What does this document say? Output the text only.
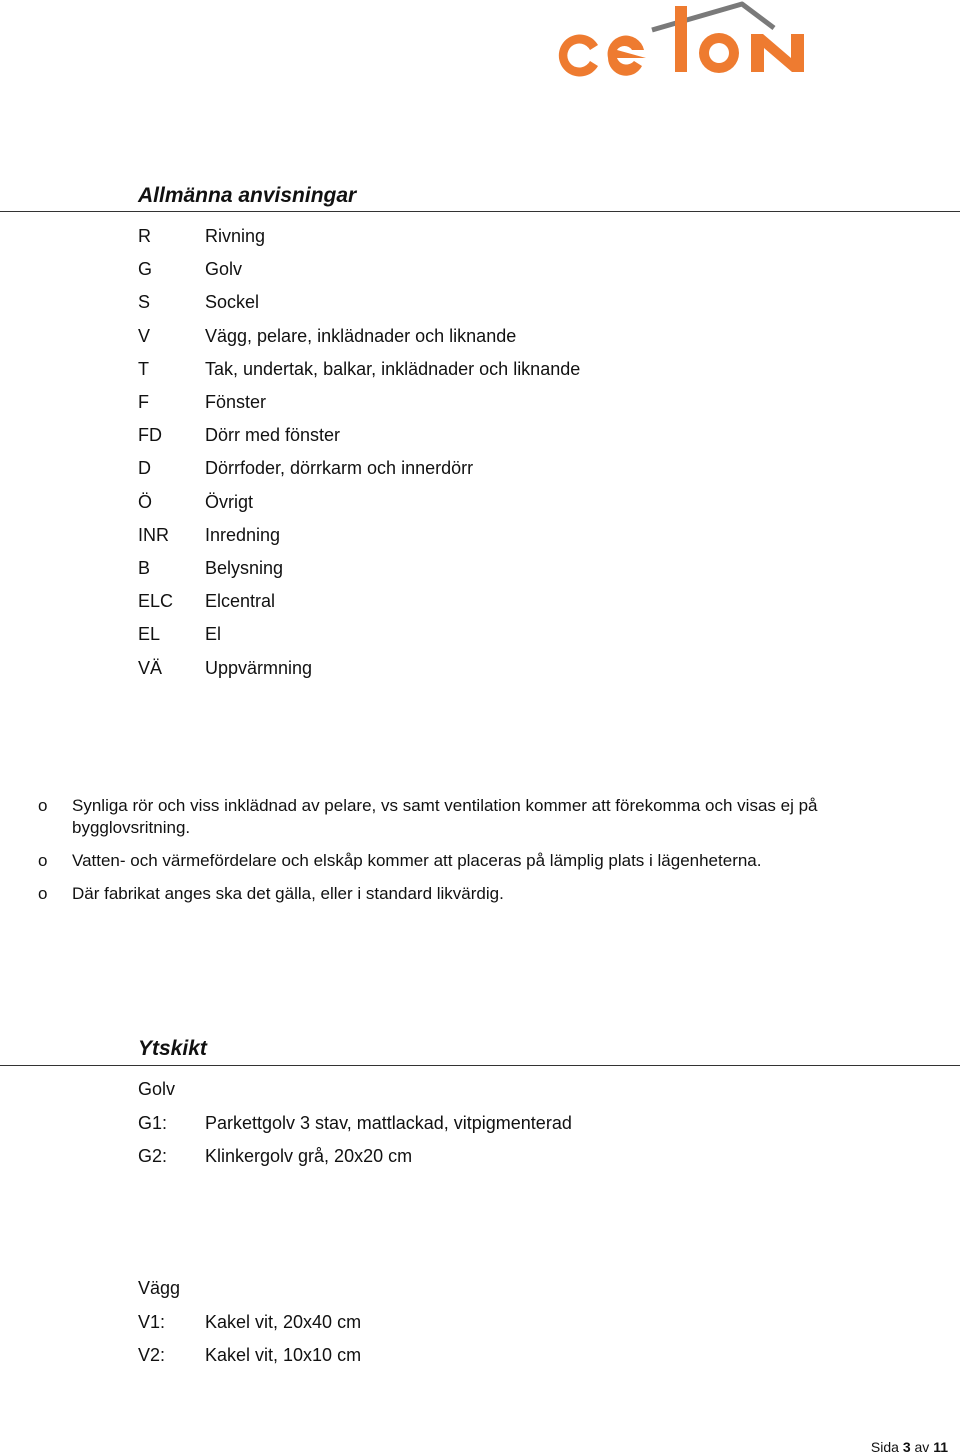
Allmänna anvisningar
R	Rivning
G	Golv
S	Sockel
V	Vägg, pelare, inklädnader och liknande
T	Tak, undertak, balkar, inklädnader och liknande
F	Fönster
FD Dörr med fönster
D	Dörrfoder, dörrkarm och innerdörr
Ö	Övrigt
INR Inredning
B	Belysning
ELC Elcentral
EL El
VÄ Uppvärmning
o Synliga rör och viss inklädnad av pelare, vs samt ventilation kommer att förekomma och visas ej på bygglovsritning.
o Vatten- och värmefördelare och elskåp kommer att placeras på lämplig plats i lägenheterna.
o Där fabrikat anges ska det gälla, eller i standard likvärdig.
Ytskikt
Golv
G1: Parkettgolv 3 stav, mattlackad, vitpigmenterad
G2: Klinkergolv grå, 20x20 cm
Vägg
V1: Kakel vit, 20x40 cm
V2: Kakel vit, 10x10 cm
Sida 3 av 11
